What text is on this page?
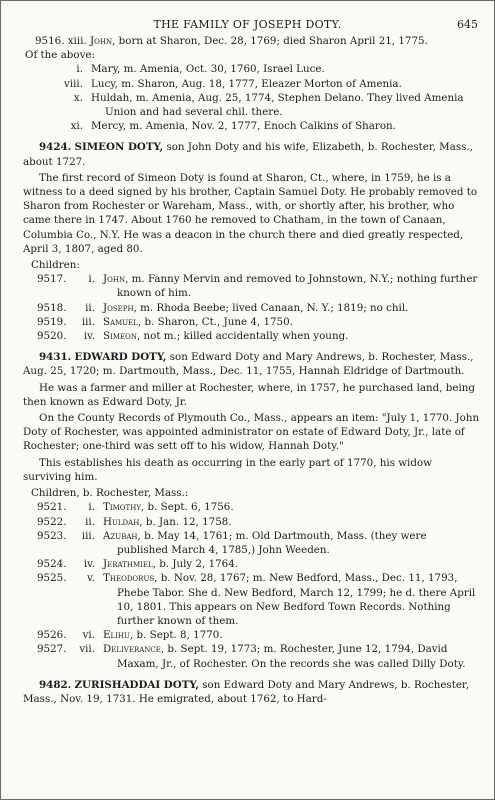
THE FAMILY OF JOSEPH DOTY.	645

9516. xiii. John, born at Sharon, Dec. 28, 1769; died Sharon April 21, 1775.

Of the above:

i. Mary, m. Amenia, Oct. 30, 1760, Israel Luce.
viii. Lucy, m. Sharon, Aug. 18, 1777, Eleazer Morton of Amenia.
x. Huldah, m. Amenia, Aug. 25, 1774, Stephen Delano. They lived Amenia Union and had several chil. there.
xi. Mercy, m. Amenia, Nov. 2, 1777, Enoch Calkins of Sharon.

9424. SIMEON DOTY, son John Doty and his wife, Elizabeth, b. Rochester, Mass., about 1727.

The first record of Simeon Doty is found at Sharon, Ct., where, in 1759, he is a witness to a deed signed by his brother, Captain Samuel Doty. He probably removed to Sharon from Rochester or Wareham, Mass., with, or shortly after, his brother, who came there in 1747. About 1760 he removed to Chatham, in the town of Canaan, Columbia Co., N.Y. He was a deacon in the church there and died greatly respected, April 3, 1807, aged 80.

Children:

9517.	i. John, m. Fanny Mervin and removed to Johnstown, N.Y.; nothing further known of him.
9518.	ii. Joseph, m. Rhoda Beebe; lived Canaan, N. Y.; 1819; no chil.
9519.	iii. Samuel, b. Sharon, Ct., June 4, 1750.
9520.	iv. Simeon, not m.; killed accidentally when young.

9431. EDWARD DOTY, son Edward Doty and Mary Andrews, b. Rochester, Mass., Aug. 25, 1720; m. Dartmouth, Mass., Dec. 11, 1755, Hannah Eldridge of Dartmouth.

He was a farmer and miller at Rochester, where, in 1757, he purchased land, being then known as Edward Doty, Jr.

On the County Records of Plymouth Co., Mass., appears an item: "July 1, 1770. John Doty of Rochester, was appointed administrator on estate of Edward Doty, Jr., late of Rochester; one-third was sett off to his widow, Hannah Doty."

This establishes his death as occurring in the early part of 1770, his widow surviving him.

Children, b. Rochester, Mass.:

9521.	i. Timothy, b. Sept. 6, 1756.
9522.	ii. Huldah, b. Jan. 12, 1758.
9523.	iii. Azubah, b. May 14, 1761; m. Old Dartmouth, Mass. (they were published March 4, 1785,) John Weeden.
9524.	iv. Jerathmiel, b. July 2, 1764.
9525.	v. Theodorus, b. Nov. 28, 1767; m. New Bedford, Mass., Dec. 11, 1793, Phebe Tabor. She d. New Bedford, March 12, 1799; he d. there April 10, 1801. This appears on New Bedford Town Records. Nothing further known of them.
9526.	vi. Elihu, b. Sept. 8, 1770.
9527.	vii. Deliverance, b. Sept. 19, 1773; m. Rochester, June 12, 1794, David Maxam, Jr., of Rochester. On the records she was called Dilly Doty.

9482. ZURISHADDAI DOTY, son Edward Doty and Mary Andrews, b. Rochester, Mass., Nov. 19, 1731. He emigrated, about 1762, to Hard-
